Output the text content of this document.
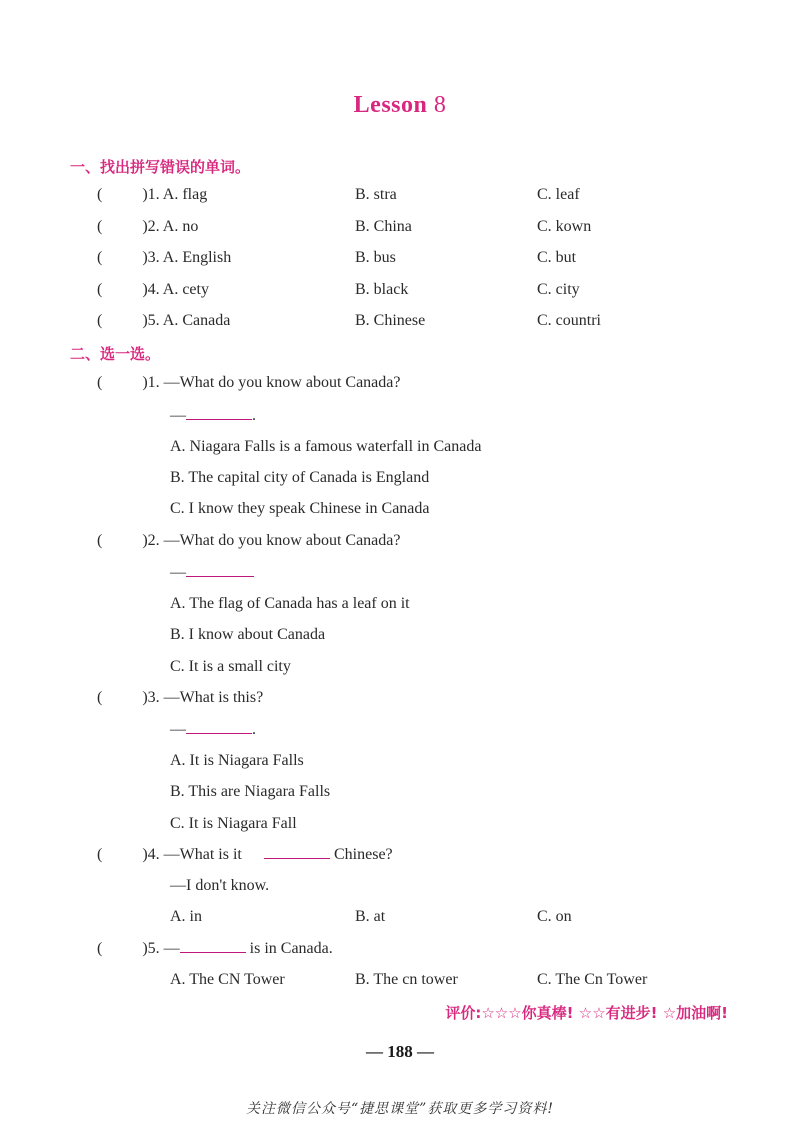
Lesson 8
一、找出拼写错误的单词。
(	)1. A. flag	B. stra	C. leaf
(	)2. A. no	B. China	C. kown
(	)3. A. English	B. bus	C. but
(	)4. A. cety	B. black	C. city
(	)5. A. Canada	B. Chinese	C. countri
二、选一选。
(	)1. —What do you know about Canada?
—	.
A. Niagara Falls is a famous waterfall in Canada
B. The capital city of Canada is England
C. I know they speak Chinese in Canada
(	)2. —What do you know about Canada?
—
A. The flag of Canada has a leaf on it
B. I know about Canada
C. It is a small city
(	)3. —What is this?
—	.
A. It is Niagara Falls
B. This are Niagara Falls
C. It is Niagara Fall
(	)4. —What is it	Chinese?
—I don't know.
A. in	B. at	C. on
(	)5. —	is in Canada.
A. The CN Tower	B. The cn tower	C. The Cn Tower
评价:☆☆☆你真棒! ☆☆有进步! ☆加油啊!
— 188 —
关注微信公众号“捷思课堂”获取更多学习资料!
